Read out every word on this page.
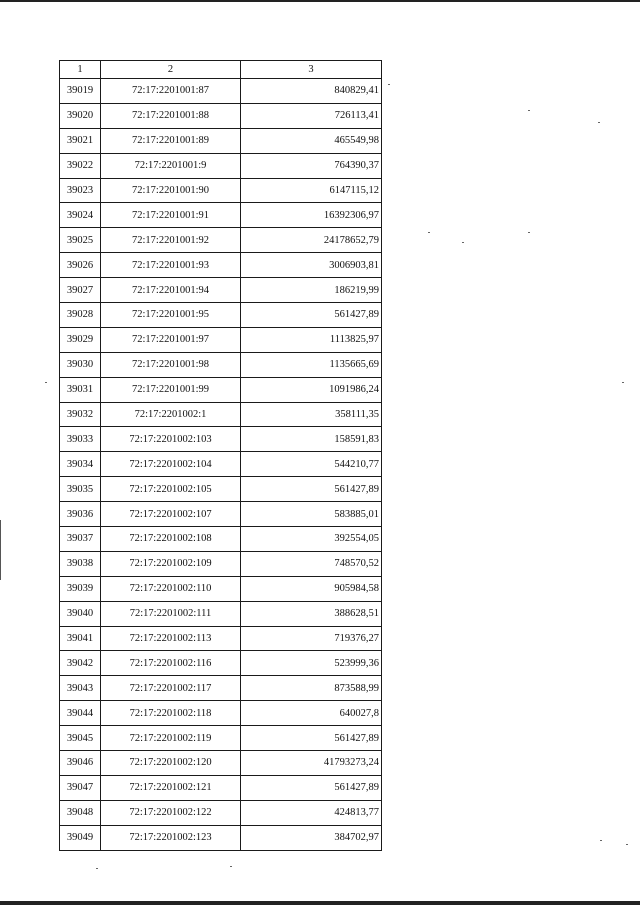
1	2	3
39019	72:17:2201001:87	840829,41
39020	72:17:2201001:88	726113,41
39021	72:17:2201001:89	465549,98
39022	72:17:2201001:9	764390,37
39023	72:17:2201001:90	6147115,12
39024	72:17:2201001:91	16392306,97
39025	72:17:2201001:92	24178652,79
39026	72:17:2201001:93	3006903,81
39027	72:17:2201001:94	186219,99
39028	72:17:2201001:95	561427,89
39029	72:17:2201001:97	1113825,97
39030	72:17:2201001:98	1135665,69
39031	72:17:2201001:99	1091986,24
39032	72:17:2201002:1	358111,35
39033	72:17:2201002:103	158591,83
39034	72:17:2201002:104	544210,77
39035	72:17:2201002:105	561427,89
39036	72:17:2201002:107	583885,01
39037	72:17:2201002:108	392554,05
39038	72:17:2201002:109	748570,52
39039	72:17:2201002:110	905984,58
39040	72:17:2201002:111	388628,51
39041	72:17:2201002:113	719376,27
39042	72:17:2201002:116	523999,36
39043	72:17:2201002:117	873588,99
39044	72:17:2201002:118	640027,8
39045	72:17:2201002:119	561427,89
39046	72:17:2201002:120	41793273,24
39047	72:17:2201002:121	561427,89
39048	72:17:2201002:122	424813,77
39049	72:17:2201002:123	384702,97
